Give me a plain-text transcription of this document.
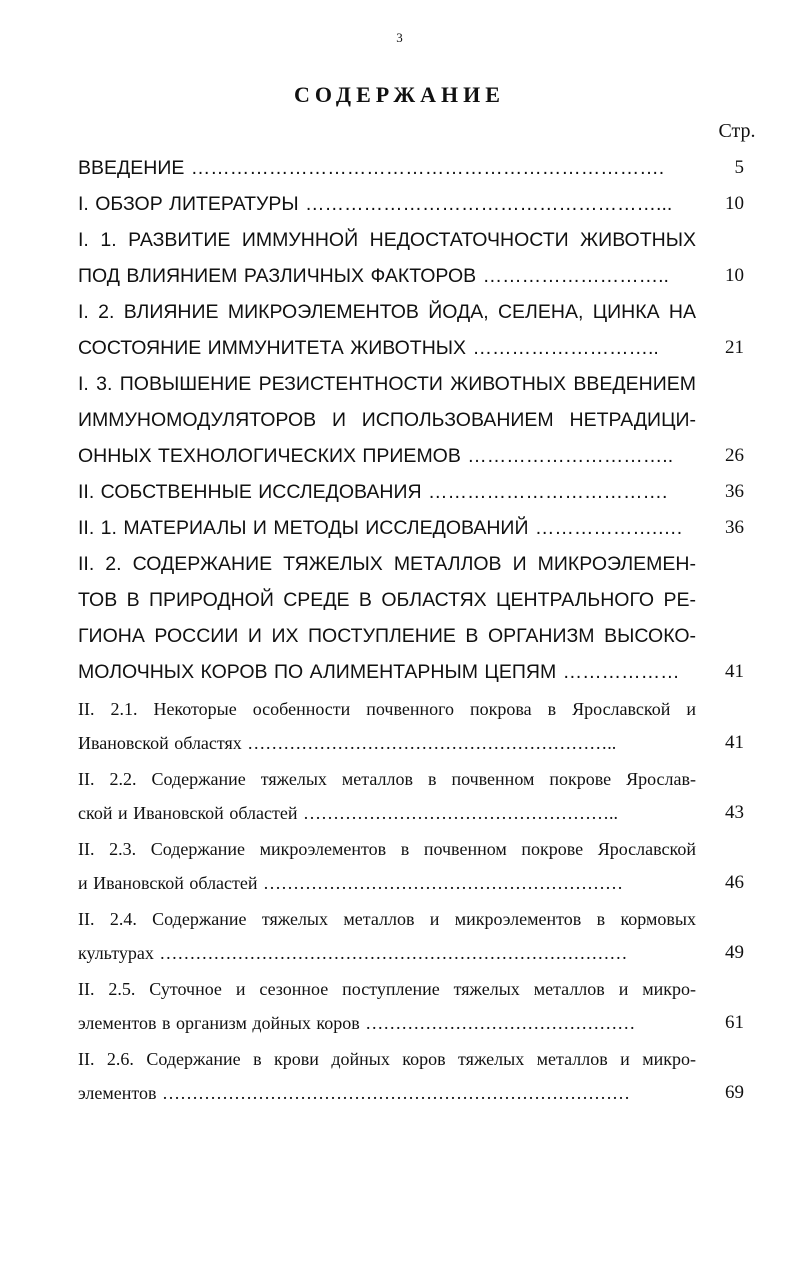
3
СОДЕРЖАНИЕ
Стр.
ВВЕДЕНИЕ ……………………………………………………………….	5
I. ОБЗОР ЛИТЕРАТУРЫ ………………………………………………...	10
I. 1. РАЗВИТИЕ ИММУННОЙ НЕДОСТАТОЧНОСТИ ЖИВОТНЫХ
ПОД ВЛИЯНИЕМ РАЗЛИЧНЫХ ФАКТОРОВ ………………………..	10
I. 2. ВЛИЯНИЕ МИКРОЭЛЕМЕНТОВ ЙОДА, СЕЛЕНА, ЦИНКА НА
СОСТОЯНИЕ ИММУНИТЕТА ЖИВОТНЫХ ………………………..	21
I. 3. ПОВЫШЕНИЕ РЕЗИСТЕНТНОСТИ ЖИВОТНЫХ ВВЕДЕНИЕМ
ИММУНОМОДУЛЯТОРОВ И ИСПОЛЬЗОВАНИЕМ НЕТРАДИЦИ-
ОННЫХ ТЕХНОЛОГИЧЕСКИХ ПРИЕМОВ …………………………..	26
II. СОБСТВЕННЫЕ ИССЛЕДОВАНИЯ ……………………………….	36
II. 1. МАТЕРИАЛЫ И МЕТОДЫ ИССЛЕДОВАНИЙ ……………….….	36
II. 2. СОДЕРЖАНИЕ ТЯЖЕЛЫХ МЕТАЛЛОВ И МИКРОЭЛЕМЕН-
ТОВ В ПРИРОДНОЙ СРЕДЕ В ОБЛАСТЯХ ЦЕНТРАЛЬНОГО РЕ-
ГИОНА РОССИИ И ИХ ПОСТУПЛЕНИЕ В ОРГАНИЗМ ВЫСОКО-
МОЛОЧНЫХ КОРОВ ПО АЛИМЕНТАРНЫМ ЦЕПЯМ ………………	41
II. 2.1. Некоторые особенности почвенного покрова в Ярославской и
Ивановской областях ……………………………………………………..	41
II. 2.2. Содержание тяжелых металлов в почвенном покрове Ярослав-
ской и Ивановской областей ……………………………………………..	43
II. 2.3. Содержание микроэлементов в почвенном покрове Ярославской
и Ивановской областей ……………………………………………………	46
II. 2.4. Содержание тяжелых металлов и микроэлементов в кормовых
культурах ……………………………………………………………………	49
II. 2.5. Суточное и сезонное поступление тяжелых металлов и микро-
элементов в организм дойных коров ………………………………………	61
II. 2.6. Содержание в крови дойных коров тяжелых металлов и микро-
элементов ……………………………………………………………………	69
